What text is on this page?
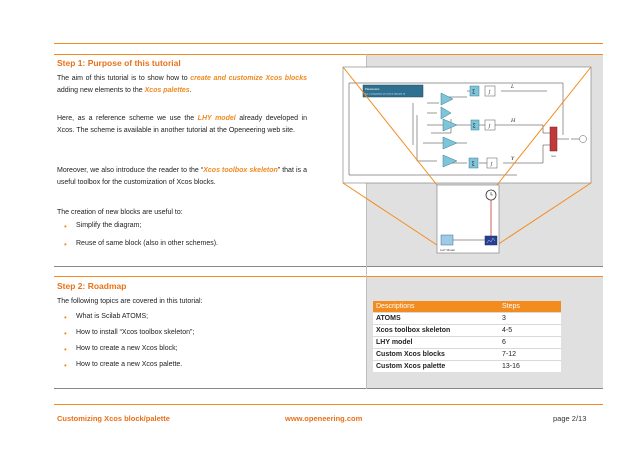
Step 1: Purpose of this tutorial

The aim of this tutorial is to show how to create and customize Xcos blocks adding new elements to the Xcos palettes.

Here, as a reference scheme we use the LHY model already developed in Xcos. The scheme is available in another tutorial at the Openeering web site.

Moreover, we also introduce the reader to the “Xcos toolbox skeleton” that is a useful toolbox for the customization of Xcos blocks.

The creation of new blocks are useful to:

• Simplify the diagram;
• Reuse of same block (also in other schemes).
Parameters
tau = interpolation of result of x(0) x(T) x0	Σ
Σ
Σ
∫
∫
∫
L
H
Y	mux
LHY Model
Step 2: Roadmap

The following topics are covered in this tutorial:

• What is Scilab ATOMS;
• How to install “Xcos toolbox skeleton”;
• How to create a new Xcos block;
• How to create a new Xcos palette.
Descriptions	Steps
ATOMS	3
Xcos toolbox skeleton	4-5
LHY model	6
Custom Xcos blocks	7-12
Custom Xcos palette	13-16
Customizing Xcos block/palette	www.openeering.com	page 2/13
